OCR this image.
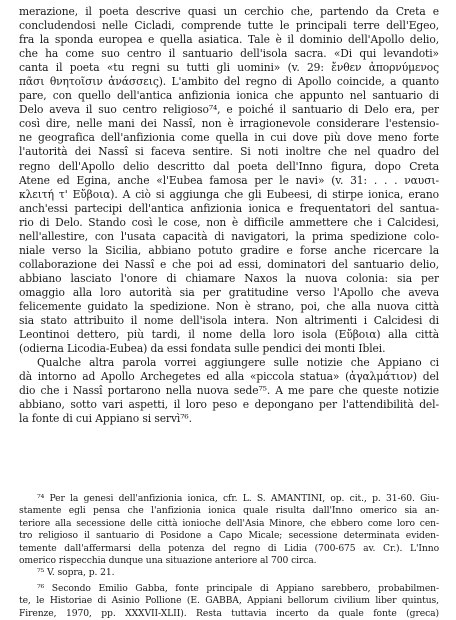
merazione, il poeta descrive quasi un cerchio che, partendo da Creta e
concludendosi nelle Cicladi, comprende tutte le principali terre dell'Egeo,
fra la sponda europea e quella asiatica. Tale è il dominio dell'Apollo delio,
che ha come suo centro il santuario dell'isola sacra. «Di qui levandoti»
canta il poeta «tu regni su tutti gli uomini» (v. 29: ἔνθεν ἀπορνύμενος
πᾶσι θνητοῖσιν ἀνάσσεις). L'ambito del regno di Apollo coincide, a quanto
pare, con quello dell'antica anfizionia ionica che appunto nel santuario di
Delo aveva il suo centro religioso⁷⁴, e poiché il santuario di Delo era, per
così dire, nelle mani dei Nassî, non è irragionevole considerare l'estensio-
ne geografica dell'anfizionia come quella in cui dove più dove meno forte
l'autorità dei Nassî si faceva sentire. Si noti inoltre che nel quadro del
regno dell'Apollo delio descritto dal poeta dell'Inno figura, dopo Creta
Atene ed Egina, anche «l'Eubea famosa per le navi» (v. 31: . . . ναυσι-
κλειτή τ' Εὔβοια). A ciò si aggiunga che gli Eubeesi, di stirpe ionica, erano
anch'essi partecipi dell'antica anfizionia ionica e frequentatori del santua-
rio di Delo. Stando così le cose, non è difficile ammettere che i Calcidesi,
nell'allestire, con l'usata capacità di navigatori, la prima spedizione colo-
niale verso la Sicilia, abbiano potuto gradire e forse anche ricercare la
collaborazione dei Nassî e che poi ad essi, dominatori del santuario delio,
abbiano lasciato l'onore di chiamare Naxos la nuova colonia: sia per
omaggio alla loro autorità sia per gratitudine verso l'Apollo che aveva
felicemente guidato la spedizione. Non è strano, poi, che alla nuova città
sia stato attribuito il nome dell'isola intera. Non altrimenti i Calcidesi di
Leontinoi dettero, più tardi, il nome della loro isola (Εὔβοια) alla città
(odierna Licodia-Eubea) da essi fondata sulle pendici dei monti Iblei.
Qualche altra parola vorrei aggiungere sulle notizie che Appiano ci
dà intorno ad Apollo Archegetes ed alla «piccola statua» (ἀγαλμάτιον) del
dio che i Nassî portarono nella nuova sede⁷⁵. A me pare che queste notizie
abbiano, sotto vari aspetti, il loro peso e depongano per l'attendibilità del-
la fonte di cui Appiano si servì⁷⁶.
⁷⁴ Per la genesi dell'anfizionia ionica, cfr. L. S. AMANTINI, op. cit., p. 31-60. Giu-
stamente egli pensa che l'anfizionia ionica quale risulta dall'Inno omerico sia an-
teriore alla secessione delle città ionioche dell'Asia Minore, che ebbero come loro cen-
tro religioso il santuario di Posidone a Capo Micale; secessione determinata eviden-
temente dall'affermarsi della potenza del regno di Lidia (700-675 av. Cr.). L'Inno
omerico rispecchia dunque una situazione anteriore al 700 circa.
⁷⁵ V. sopra, p. 21.
⁷⁶ Secondo Emilio Gabba, fonte principale di Appiano sarebbero, probabilmen-
te, le Historiae di Asinio Pollione (E. GABBA, Appiani bellorum civilium liber quintus,
Firenze, 1970, pp. XXXVII-XLII). Resta tuttavia incerto da quale fonte (greca)
